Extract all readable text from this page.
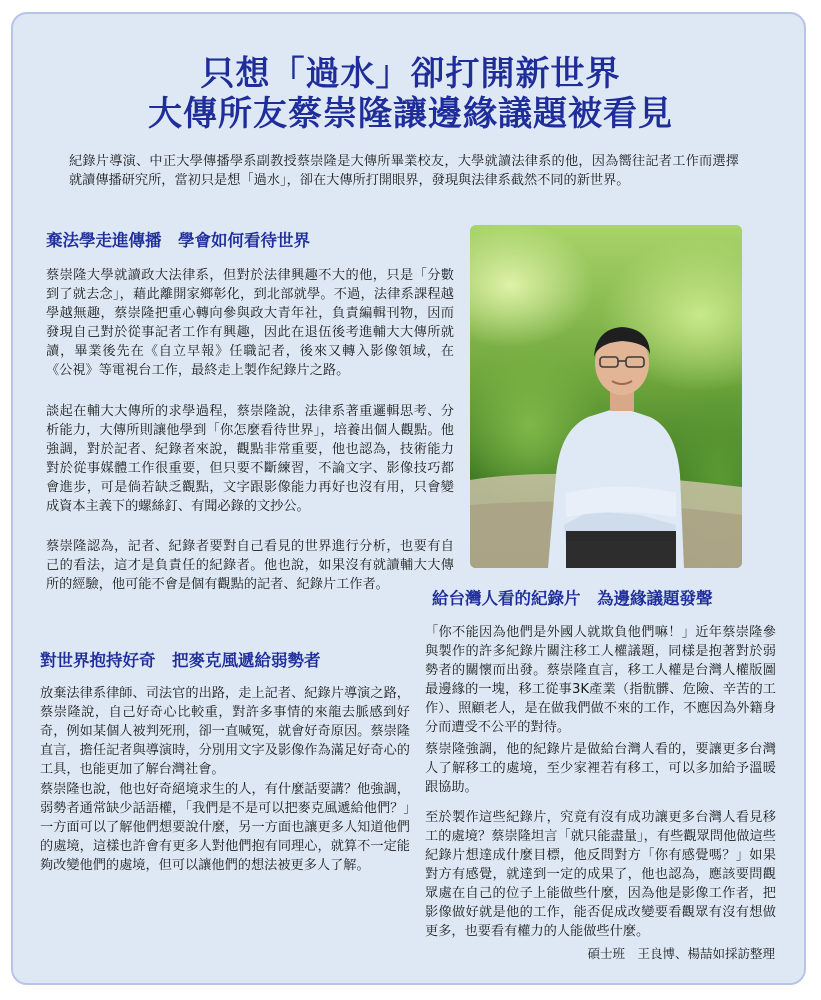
只想「過水」卻打開新世界
大傳所友蔡崇隆讓邊緣議題被看見

紀錄片導演、中正大學傳播學系副教授蔡崇隆是大傳所畢業校友，大學就讀法律系的他，因為嚮往記者工作而選擇就讀傳播研究所，當初只是想「過水」，卻在大傳所打開眼界，發現與法律系截然不同的新世界。

棄法學走進傳播　學會如何看待世界

蔡崇隆大學就讀政大法律系，但對於法律興趣不大的他，只是「分數到了就去念」，藉此離開家鄉彰化，到北部就學。不過，法律系課程越學越無趣，蔡崇隆把重心轉向參與政大青年社，負責編輯刊物，因而發現自己對於從事記者工作有興趣，因此在退伍後考進輔大大傳所就讀，畢業後先在《自立早報》任職記者，後來又轉入影像領域，在《公視》等電視台工作，最終走上製作紀錄片之路。

談起在輔大大傳所的求學過程，蔡崇隆說，法律系著重邏輯思考、分析能力，大傳所則讓他學到「你怎麼看待世界」，培養出個人觀點。他強調，對於記者、紀錄者來說，觀點非常重要，他也認為，技術能力對於從事媒體工作很重要，但只要不斷練習，不論文字、影像技巧都會進步，可是倘若缺乏觀點，文字跟影像能力再好也沒有用，只會變成資本主義下的螺絲釘、有聞必錄的文抄公。

蔡崇隆認為，記者、紀錄者要對自己看見的世界進行分析，也要有自己的看法，這才是負責任的紀錄者。他也說，如果沒有就讀輔大大傳所的經驗，他可能不會是個有觀點的記者、紀錄片工作者。

給台灣人看的紀錄片　為邊緣議題發聲

「你不能因為他們是外國人就欺負他們嘛！」近年蔡崇隆參與製作的許多紀錄片關注移工人權議題，同樣是抱著對於弱勢者的關懷而出發。蔡崇隆直言，移工人權是台灣人權版圖最邊緣的一塊，移工從事3K產業（指骯髒、危險、辛苦的工作）、照顧老人，是在做我們做不來的工作，不應因為外籍身分而遭受不公平的對待。

蔡崇隆強調，他的紀錄片是做給台灣人看的，要讓更多台灣人了解移工的處境，至少家裡若有移工，可以多加給予溫暖跟協助。

至於製作這些紀錄片，究竟有沒有成功讓更多台灣人看見移工的處境？蔡崇隆坦言「就只能盡量」，有些觀眾問他做這些紀錄片想達成什麼目標，他反問對方「你有感覺嗎？」如果對方有感覺，就達到一定的成果了，他也認為，應該要問觀眾處在自己的位子上能做些什麼，因為他是影像工作者，把影像做好就是他的工作，能否促成改變要看觀眾有沒有想做更多，也要看有權力的人能做些什麼。

對世界抱持好奇　把麥克風遞給弱勢者

放棄法律系律師、司法官的出路，走上記者、紀錄片導演之路，蔡崇隆說，自己好奇心比較重，對許多事情的來龍去脈感到好奇，例如某個人被判死刑，卻一直喊冤，就會好奇原因。蔡崇隆直言，擔任記者與導演時，分別用文字及影像作為滿足好奇心的工具，也能更加了解台灣社會。

蔡崇隆也說，他也好奇絕境求生的人，有什麼話要講？他強調，弱勢者通常缺少話語權，「我們是不是可以把麥克風遞給他們？」一方面可以了解他們想要說什麼，另一方面也讓更多人知道他們的處境，這樣也許會有更多人對他們抱有同理心，就算不一定能夠改變他們的處境，但可以讓他們的想法被更多人了解。

碩士班　王良博、楊喆如採訪整理
